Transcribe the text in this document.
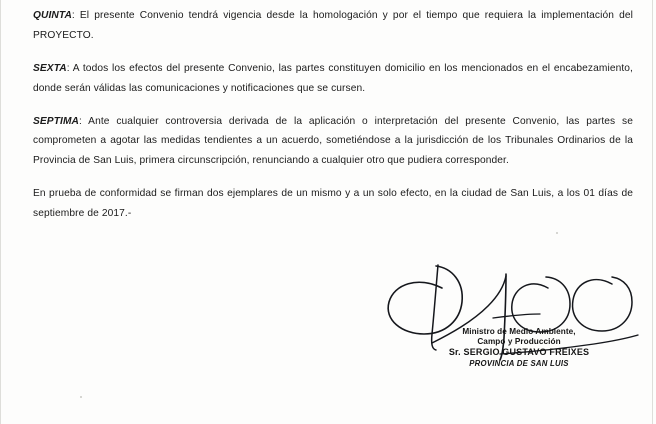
QUINTA: El presente Convenio tendrá vigencia desde la homologación y por el tiempo que requiera la implementación del PROYECTO.

SEXTA: A todos los efectos del presente Convenio, las partes constituyen domicilio en los mencionados en el encabezamiento, donde serán válidas las comunicaciones y notificaciones que se cursen.

SEPTIMA: Ante cualquier controversia derivada de la aplicación o interpretación del presente Convenio, las partes se comprometen a agotar las medidas tendientes a un acuerdo, sometiéndose a la jurisdicción de los Tribunales Ordinarios de la Provincia de San Luis, primera circunscripción, renunciando a cualquier otro que pudiera corresponder.

En prueba de conformidad se firman dos ejemplares de un mismo y a un solo efecto, en la ciudad de San Luis, a los 01 días de septiembre de 2017.-

Ministro de Medio Ambiente,
Campo y Producción
Sr. SERGIO GUSTAVO FREIXES
PROVINCIA DE SAN LUIS
